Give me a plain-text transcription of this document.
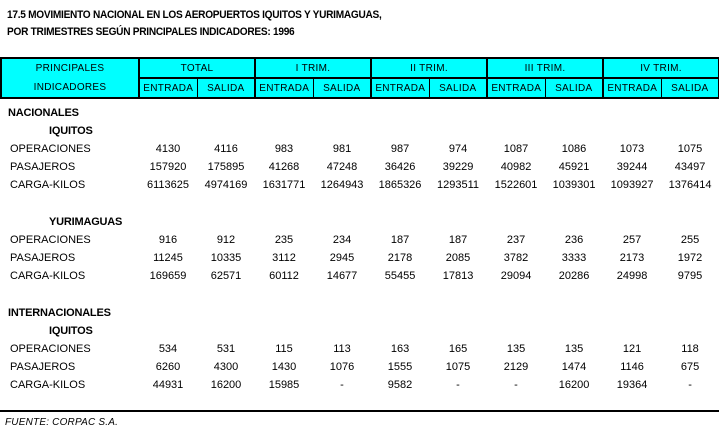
17.5 MOVIMIENTO NACIONAL EN LOS AEROPUERTOS IQUITOS Y YURIMAGUAS,
POR TRIMESTRES SEGÚN PRINCIPALES INDICADORES: 1996
PRINCIPALES
INDICADORES	TOTAL		I TRIM.		II TRIM.		III TRIM.		IV TRIM.	
	ENTRADA	SALIDA	ENTRADA	SALIDA	ENTRADA	SALIDA	ENTRADA	SALIDA	ENTRADA	SALIDA

NACIONALES										
IQUITOS										
OPERACIONES	4130	4116	983	981	987	974	1087	1086	1073	1075
PASAJEROS	157920	175895	41268	47248	36426	39229	40982	45921	39244	43497
CARGA-KILOS	6113625	4974169	1631771	1264943	1865326	1293511	1522601	1039301	1093927	1376414

YURIMAGUAS										
OPERACIONES	916	912	235	234	187	187	237	236	257	255
PASAJEROS	11245	10335	3112	2945	2178	2085	3782	3333	2173	1972
CARGA-KILOS	169659	62571	60112	14677	55455	17813	29094	20286	24998	9795

INTERNACIONALES										
IQUITOS										
OPERACIONES	534	531	115	113	163	165	135	135	121	118
PASAJEROS	6260	4300	1430	1076	1555	1075	2129	1474	1146	675
CARGA-KILOS	44931	16200	15985	-	9582	-	-	16200	19364	-
FUENTE: CORPAC S.A.
